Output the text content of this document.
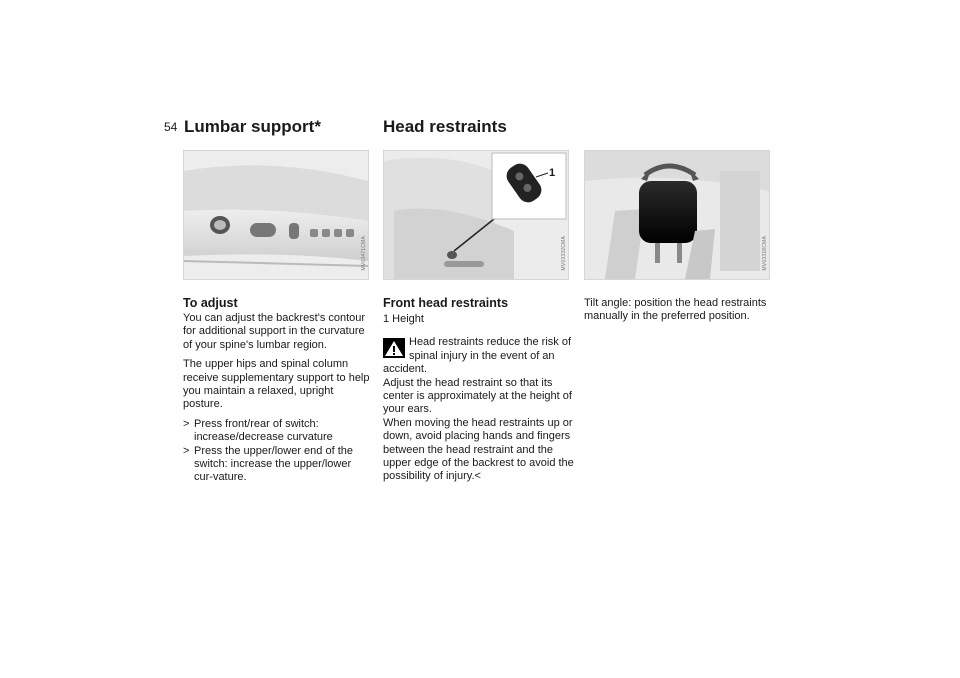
54 Lumbar support*	Head restraints
MV03471CMA
1
MV03332CMA	MV03318CMA
To adjust

You can adjust the backrest's contour for additional support in the curvature of your spine's lumbar region.

The upper hips and spinal column receive supplementary support to help you maintain a relaxed, upright posture.

> Press front/rear of switch: increase/decrease curvature
> Press the upper/lower end of the switch: increase the upper/lower cur-vature.
Front head restraints

1 Height

Head restraints reduce the risk of
spinal injury in the event of an
accident.
Adjust the head restraint so that its center is approximately at the height of your ears.
When moving the head restraints up or down, avoid placing hands and fingers between the head restraint and the upper edge of the backrest to avoid the possibility of injury.<
Tilt angle: position the head restraints manually in the preferred position.
